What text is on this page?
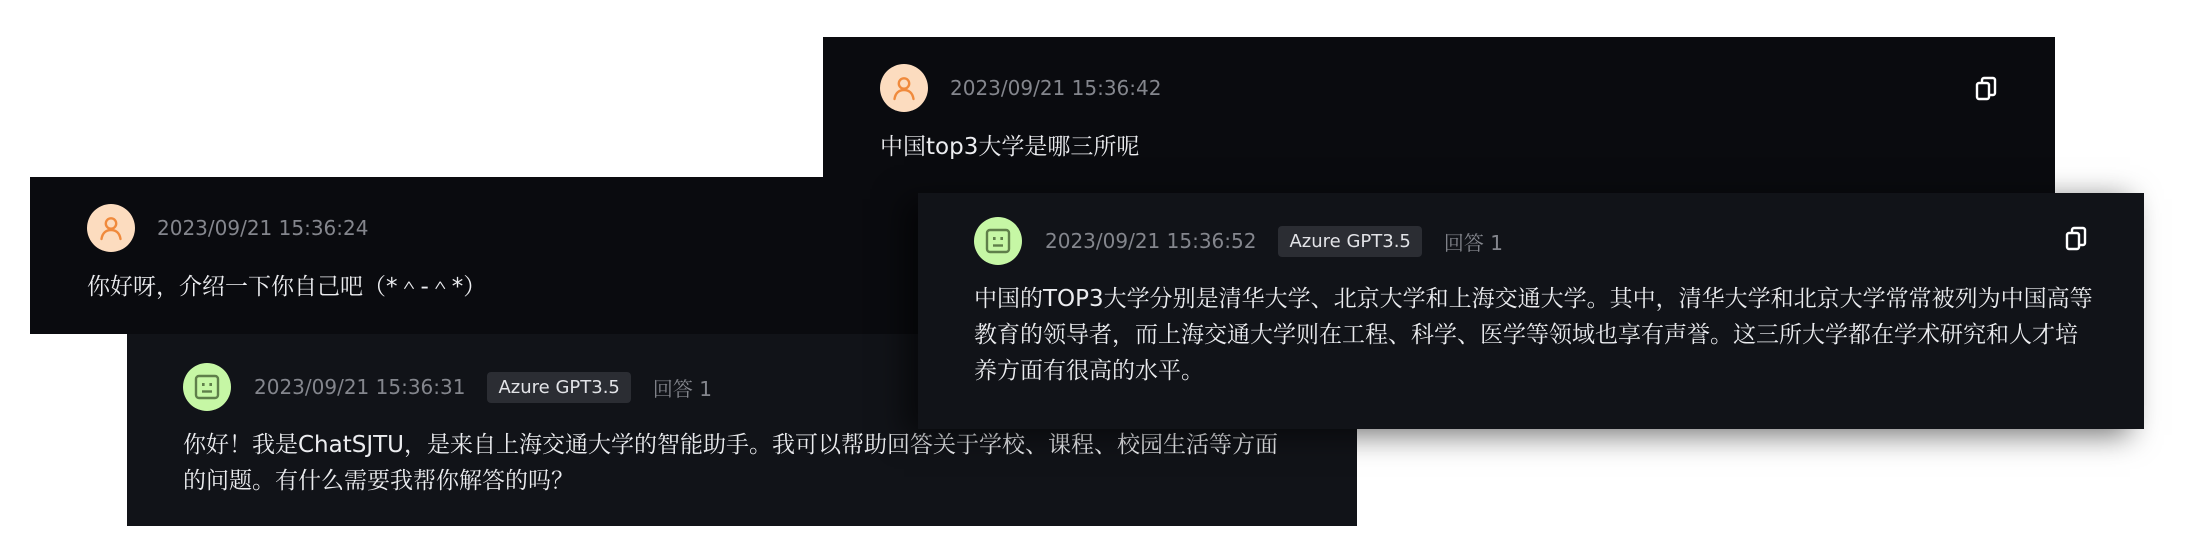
2023/09/21 15:36:42
中国top3大学是哪三所呢
2023/09/21 15:36:24
你好呀，介绍一下你自己吧（*＾-＾*）
2023/09/21 15:36:31	Azure GPT3.5	回答 1
你好！我是ChatSJTU，是来自上海交通大学的智能助手。我可以帮助回答关于学校、课程、校园生活等方面的问题。有什么需要我帮你解答的吗？
2023/09/21 15:36:52	Azure GPT3.5	回答 1
中国的TOP3大学分别是清华大学、北京大学和上海交通大学。其中，清华大学和北京大学常常被列为中国高等教育的领导者，而上海交通大学则在工程、科学、医学等领域也享有声誉。这三所大学都在学术研究和人才培养方面有很高的水平。
